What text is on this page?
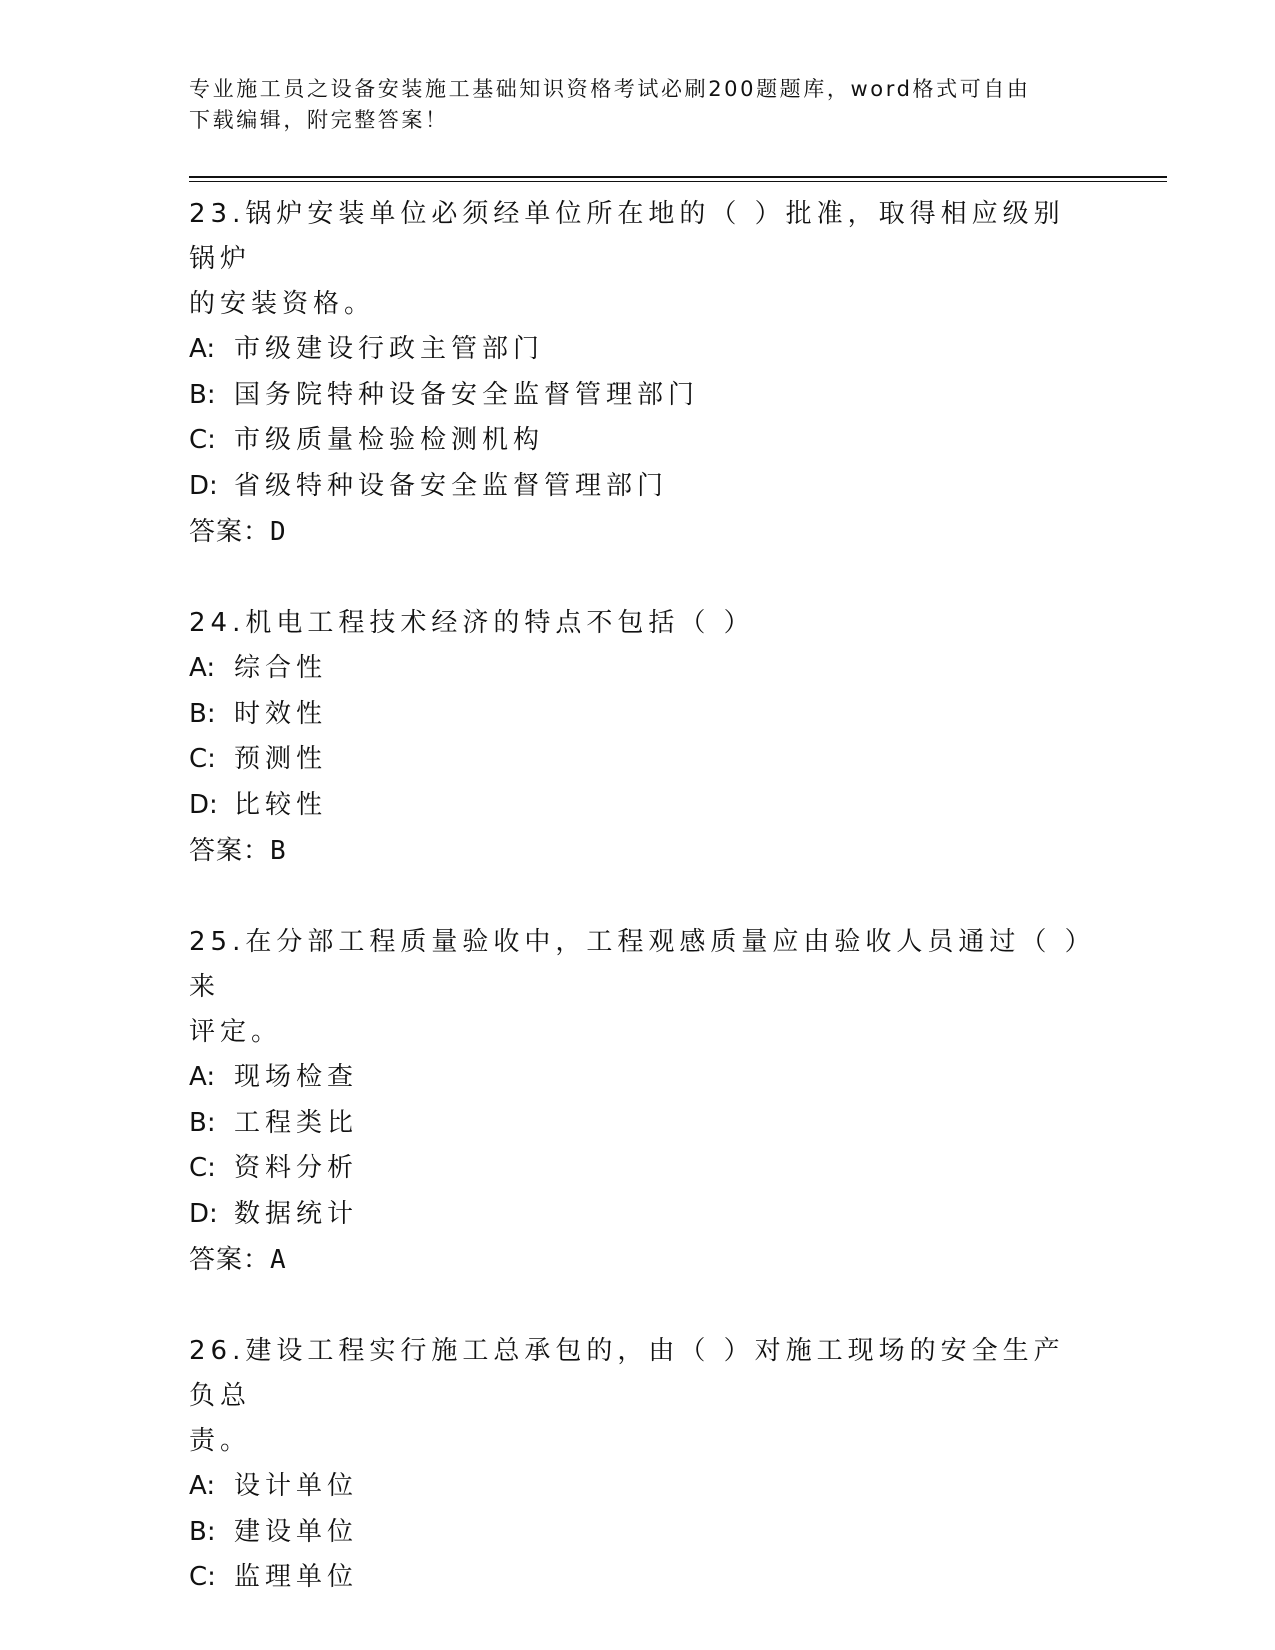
专业施工员之设备安装施工基础知识资格考试必刷200题题库，word格式可自由
下载编辑，附完整答案！

23.锅炉安装单位必须经单位所在地的（ ）批准，取得相应级别锅炉
的安装资格。

A: 市级建设行政主管部门

B: 国务院特种设备安全监督管理部门

C: 市级质量检验检测机构

D: 省级特种设备安全监督管理部门

答案：D

24.机电工程技术经济的特点不包括（ ）

A: 综合性

B: 时效性

C: 预测性

D: 比较性

答案：B

25.在分部工程质量验收中，工程观感质量应由验收人员通过（ ）来
评定。

A: 现场检查

B: 工程类比

C: 资料分析

D: 数据统计

答案：A

26.建设工程实行施工总承包的，由（ ）对施工现场的安全生产负总
责。

A: 设计单位

B: 建设单位

C: 监理单位
